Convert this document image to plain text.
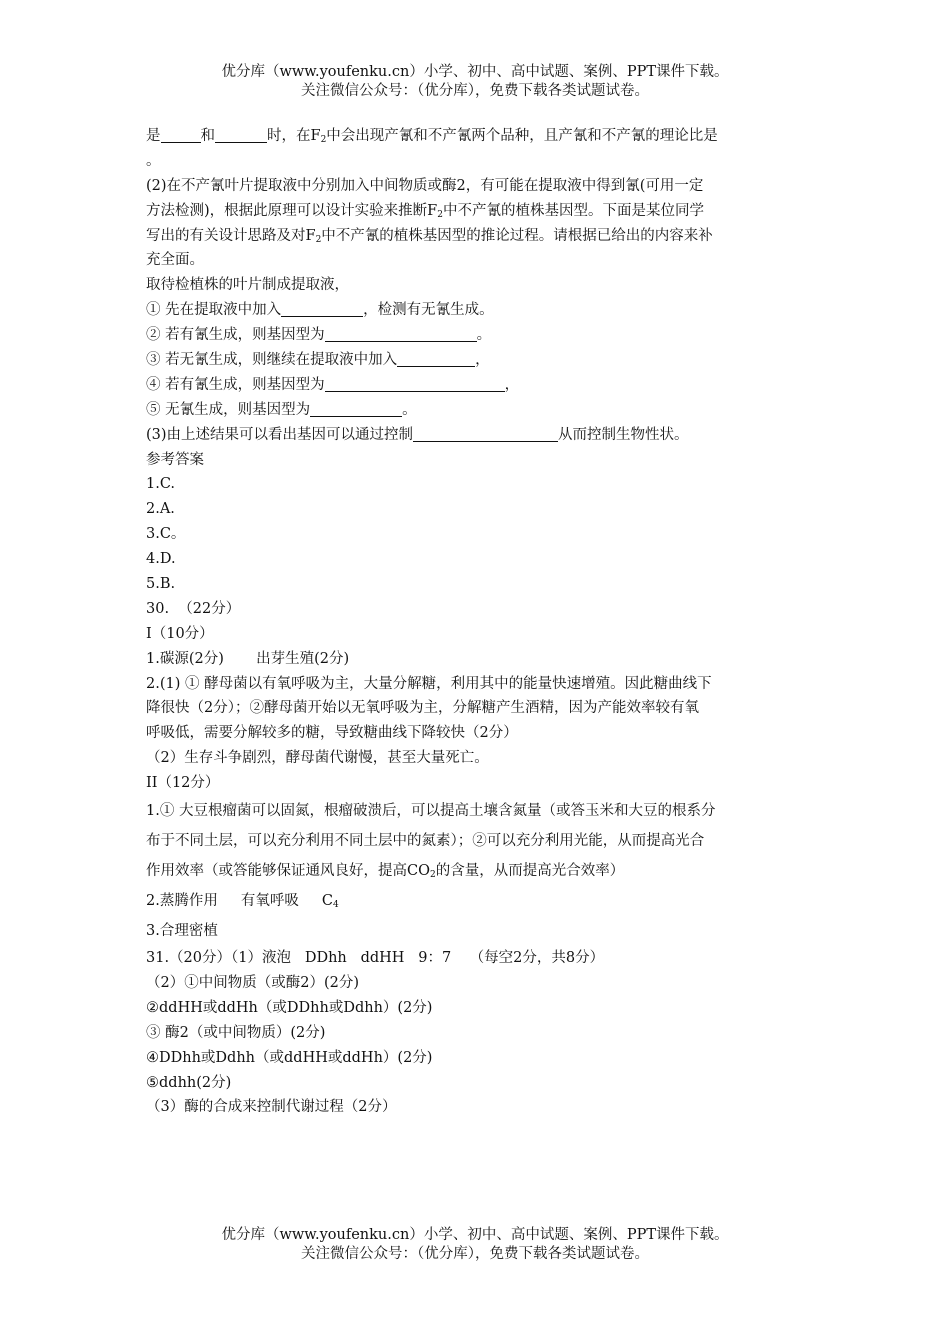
优分库（www.youfenku.cn）小学、初中、高中试题、案例、PPT课件下载。
关注微信公众号：（优分库），免费下载各类试题试卷。
是	和	时，在$F_2$中会出现产氰和不产氰两个品种，且产氰和不产氰的理论比是
。
(2)在不产氰叶片提取液中分别加入中间物质或酶2，有可能在提取液中得到氰(可用一定
方法检测)，根据此原理可以设计实验来推断$F_2$中不产氰的植株基因型。下面是某位同学
写出的有关设计思路及对$F_2$中不产氰的植株基因型的推论过程。请根据已给出的内容来补
充全面。
取待检植株的叶片制成提取液，
① 先在提取液中加入	，检测有无氰生成。
② 若有氰生成，则基因型为	。
③ 若无氰生成，则继续在提取液中加入	，
④ 若有氰生成，则基因型为	，
⑤ 无氰生成，则基因型为	。
(3)由上述结果可以看出基因可以通过控制	从而控制生物性状。
参考答案
1.C.
2.A.
3.C。
4.D.
5.B.
30.  （22分）
I（10分）
1.碳源(2分)       出芽生殖(2分)
2.(1) ① 酵母菌以有氧呼吸为主，大量分解糖，利用其中的能量快速增殖。因此糖曲线下
降很快（2分）；②酵母菌开始以无氧呼吸为主，分解糖产生酒精，因为产能效率较有氧
呼吸低，需要分解较多的糖，导致糖曲线下降较快（2分）
（2）生存斗争剧烈，酵母菌代谢慢，甚至大量死亡。
II（12分）
1.① 大豆根瘤菌可以固氮，根瘤破溃后，可以提高土壤含氮量（或答玉米和大豆的根系分
布于不同土层，可以充分利用不同土层中的氮素）；②可以充分利用光能，从而提高光合
作用效率（或答能够保证通风良好，提高$CO_2$的含量，从而提高光合效率）
2.蒸腾作用     有氧呼吸     $C_4$
3.合理密植
31.（20分）（1）液泡   DDhh   ddHH   9：7    （每空2分，共8分）
（2）①中间物质（或酶2）(2分)
②ddHH或ddHh（或DDhh或Ddhh）(2分)
③ 酶2（或中间物质）(2分)
④DDhh或Ddhh（或ddHH或ddHh）(2分)
⑤ddhh(2分)
（3）酶的合成来控制代谢过程（2分）
优分库（www.youfenku.cn）小学、初中、高中试题、案例、PPT课件下载。
关注微信公众号：（优分库），免费下载各类试题试卷。
